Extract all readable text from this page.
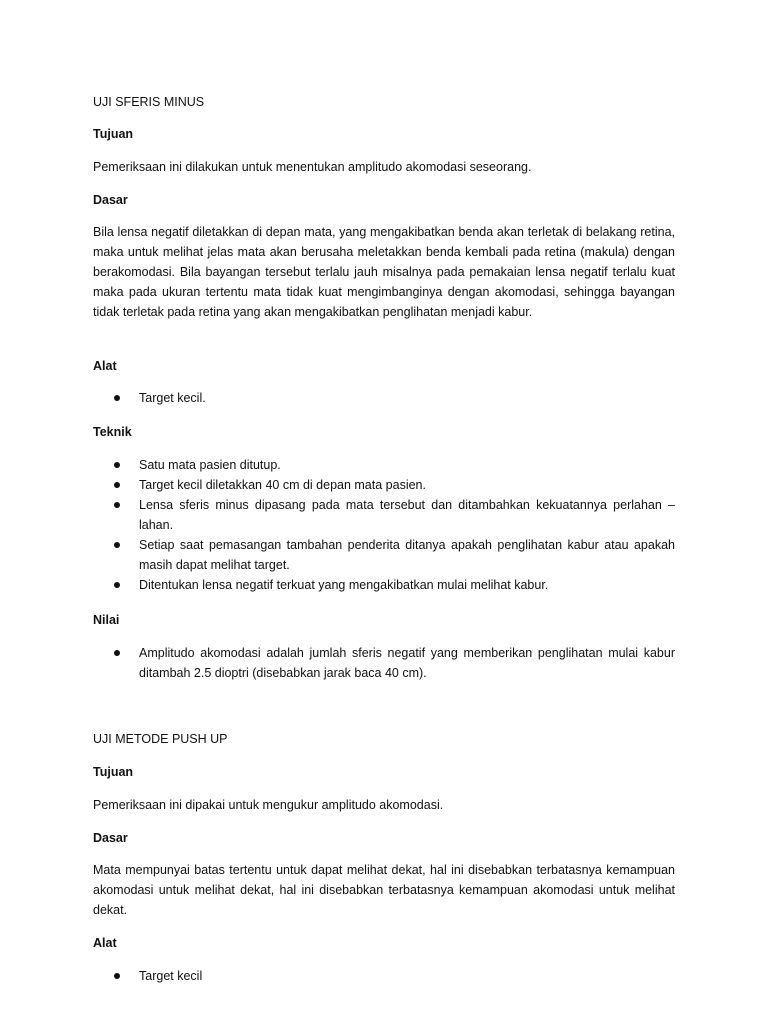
UJI SFERIS MINUS
Tujuan

Pemeriksaan ini dilakukan untuk menentukan amplitudo akomodasi seseorang.

Dasar

Bila lensa negatif diletakkan di depan mata, yang mengakibatkan benda akan terletak di belakang retina, maka untuk melihat jelas mata akan berusaha meletakkan benda kembali pada retina (makula) dengan berakomodasi. Bila bayangan tersebut terlalu jauh misalnya pada pemakaian lensa negatif terlalu kuat maka pada ukuran tertentu mata tidak kuat mengimbanginya dengan akomodasi, sehingga bayangan tidak terletak pada retina yang akan mengakibatkan penglihatan menjadi kabur.

Alat
Target kecil.
Teknik
Satu mata pasien ditutup.
Target kecil diletakkan 40 cm di depan mata pasien.
Lensa sferis minus dipasang pada mata tersebut dan ditambahkan kekuatannya perlahan – lahan.
Setiap saat pemasangan tambahan penderita ditanya apakah penglihatan kabur atau apakah masih dapat melihat target.
Ditentukan lensa negatif terkuat yang mengakibatkan mulai melihat kabur.
Nilai
Amplitudo akomodasi adalah jumlah sferis negatif yang memberikan penglihatan mulai kabur ditambah 2.5 dioptri (disebabkan jarak baca 40 cm).
UJI METODE PUSH UP
Tujuan

Pemeriksaan ini dipakai untuk mengukur amplitudo akomodasi.

Dasar

Mata mempunyai batas tertentu untuk dapat melihat dekat, hal ini disebabkan terbatasnya kemampuan akomodasi untuk melihat dekat, hal ini disebabkan terbatasnya kemampuan akomodasi untuk melihat dekat.

Alat
Target kecil
